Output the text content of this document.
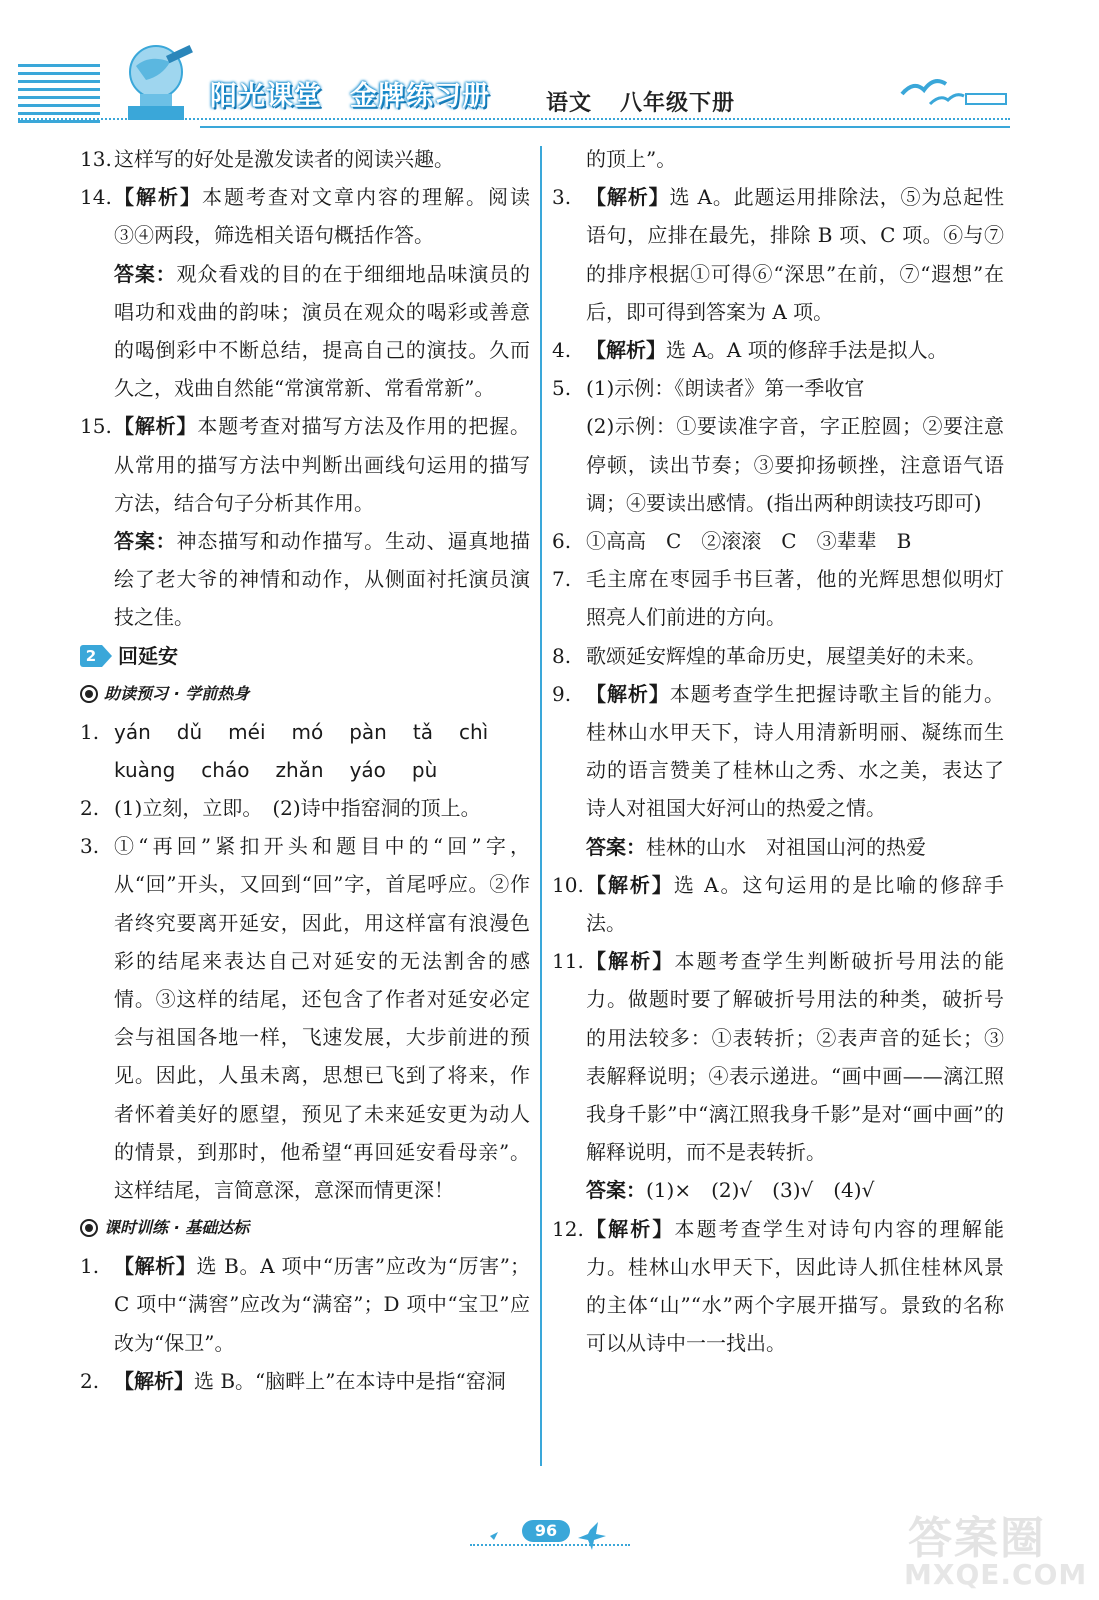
阳光课堂 金牌练习册	语文 八年级下册
13. 这样写的好处是激发读者的阅读兴趣。
14. 【解析】本题考查对文章内容的理解。阅读③④两段，筛选相关语句概括作答。
答案：观众看戏的目的在于细细地品味演员的唱功和戏曲的韵味；演员在观众的喝彩或善意的喝倒彩中不断总结，提高自己的演技。久而久之，戏曲自然能“常演常新、常看常新”。
15. 【解析】本题考查对描写方法及作用的把握。从常用的描写方法中判断出画线句运用的描写方法，结合句子分析其作用。
答案：神态描写和动作描写。生动、逼真地描绘了老大爷的神情和动作，从侧面衬托演员演技之佳。
2 回延安
助读预习 · 学前热身
1. yán dǔ méi mó pàn tǎ chì
kuàng cháo zhǎn yáo pù
2. (1)立刻，立即。　(2)诗中指窑洞的顶上。
3. ①“再回”紧扣开头和题目中的“回”字，从“回”开头，又回到“回”字，首尾呼应。②作者终究要离开延安，因此，用这样富有浪漫色彩的结尾来表达自己对延安的无法割舍的感情。③这样的结尾，还包含了作者对延安必定会与祖国各地一样，飞速发展，大步前进的预见。因此，人虽未离，思想已飞到了将来，作者怀着美好的愿望，预见了未来延安更为动人的情景，到那时，他希望“再回延安看母亲”。这样结尾，言简意深，意深而情更深！
课时训练 · 基础达标
1. 【解析】选 B。A 项中“历害”应改为“厉害”；C 项中“满窖”应改为“满窑”；D 项中“宝卫”应改为“保卫”。
2. 【解析】选 B。“脑畔上”在本诗中是指“窑洞
的顶上”。
3. 【解析】选 A。此题运用排除法，⑤为总起性语句，应排在最先，排除 B 项、C 项。⑥与⑦的排序根据①可得⑥“深思”在前，⑦“遐想”在后，即可得到答案为 A 项。
4. 【解析】选 A。A 项的修辞手法是拟人。
5. (1)示例：《朗读者》第一季收官
(2)示例：①要读准字音，字正腔圆；②要注意停顿，读出节奏；③要抑扬顿挫，注意语气语调；④要读出感情。(指出两种朗读技巧即可)
6. ①高高　C　②滚滚　C　③辈辈　B
7. 毛主席在枣园手书巨著，他的光辉思想似明灯照亮人们前进的方向。
8. 歌颂延安辉煌的革命历史，展望美好的未来。
9. 【解析】本题考查学生把握诗歌主旨的能力。桂林山水甲天下，诗人用清新明丽、凝练而生动的语言赞美了桂林山之秀、水之美，表达了诗人对祖国大好河山的热爱之情。
答案：桂林的山水　对祖国山河的热爱
10. 【解析】选 A。这句运用的是比喻的修辞手法。
11. 【解析】本题考查学生判断破折号用法的能力。做题时要了解破折号用法的种类，破折号的用法较多：①表转折；②表声音的延长；③表解释说明；④表示递进。“画中画——漓江照我身千影”中“漓江照我身千影”是对“画中画”的解释说明，而不是表转折。
答案：(1)×　(2)√　(3)√　(4)√
12. 【解析】本题考查学生对诗句内容的理解能力。桂林山水甲天下，因此诗人抓住桂林风景的主体“山”“水”两个字展开描写。景致的名称可以从诗中一一找出。
96	答案圈
MXQE.COM
